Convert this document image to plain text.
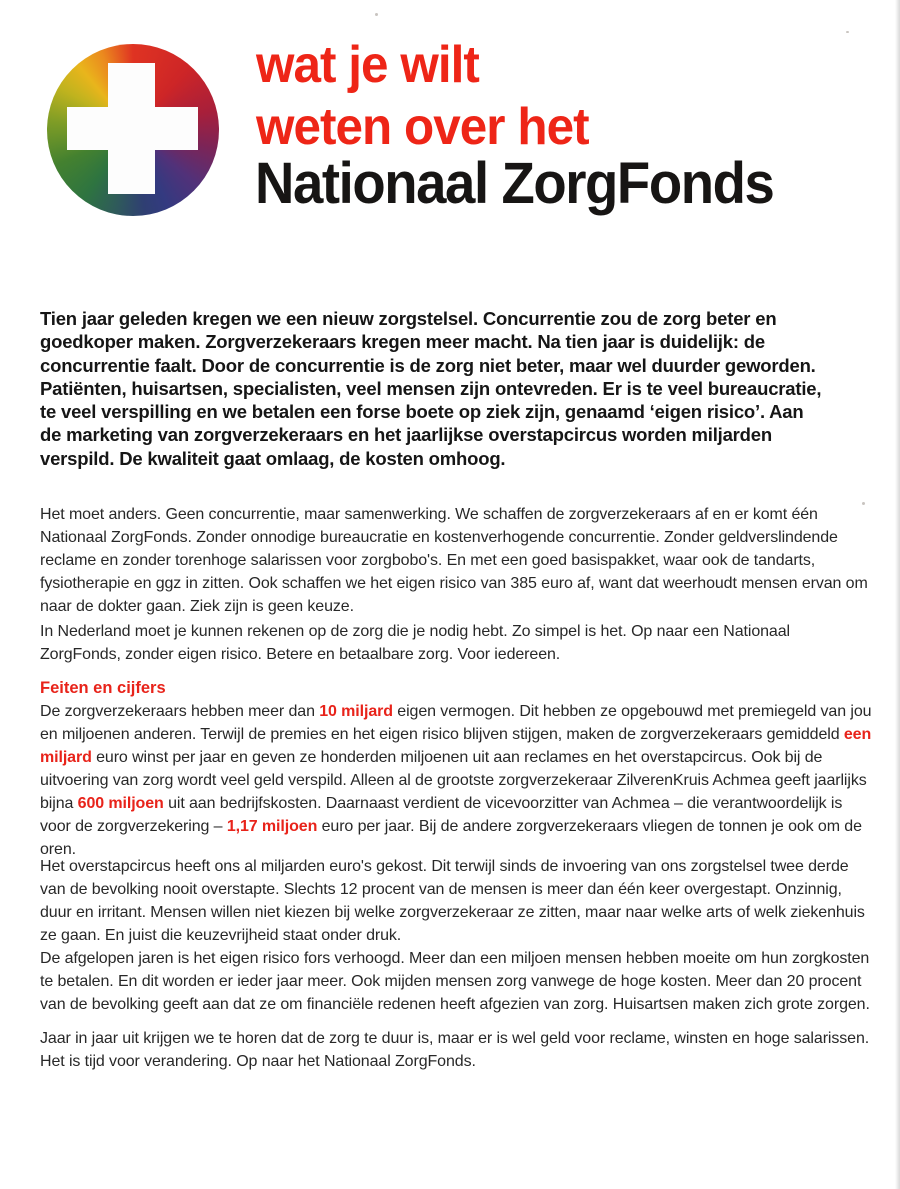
wat je wilt
weten over het
Nationaal ZorgFonds
Tien jaar geleden kregen we een nieuw zorgstelsel. Concurrentie zou de zorg beter en goedkoper maken. Zorgverzekeraars kregen meer macht. Na tien jaar is duidelijk: de concurrentie faalt. Door de concurrentie is de zorg niet beter, maar wel duurder geworden. Patiënten, huisartsen, specialisten, veel mensen zijn ontevreden. Er is te veel bureaucratie, te veel verspilling en we betalen een forse boete op ziek zijn, genaamd ‘eigen risico’. Aan de marketing van zorgverzekeraars en het jaarlijkse overstapcircus worden miljarden verspild. De kwaliteit gaat omlaag, de kosten omhoog.
Het moet anders. Geen concurrentie, maar samenwerking. We schaffen de zorgverzekeraars af en er komt één Nationaal ZorgFonds. Zonder onnodige bureaucratie en kostenverhogende concurrentie. Zonder geldverslindende reclame en zonder torenhoge salarissen voor zorgbobo's. En met een goed basispakket, waar ook de tandarts, fysiotherapie en ggz in zitten. Ook schaffen we het eigen risico van 385 euro af, want dat weerhoudt mensen ervan om naar de dokter gaan. Ziek zijn is geen keuze.
In Nederland moet je kunnen rekenen op de zorg die je nodig hebt. Zo simpel is het. Op naar een Nationaal ZorgFonds, zonder eigen risico. Betere en betaalbare zorg. Voor iedereen.
Feiten en cijfers
De zorgverzekeraars hebben meer dan 10 miljard eigen vermogen. Dit hebben ze opgebouwd met premiegeld van jou en miljoenen anderen. Terwijl de premies en het eigen risico blijven stijgen, maken de zorgverzekeraars gemiddeld een miljard euro winst per jaar en geven ze honderden miljoenen uit aan reclames en het overstapcircus. Ook bij de uitvoering van zorg wordt veel geld verspild. Alleen al de grootste zorgverzekeraar ZilverenKruis Achmea geeft jaarlijks bijna 600 miljoen uit aan bedrijfskosten. Daarnaast verdient de vicevoorzitter van Achmea – die verantwoordelijk is voor de zorgverzekering – 1,17 miljoen euro per jaar. Bij de andere zorgverzekeraars vliegen de tonnen je ook om de oren.
Het overstapcircus heeft ons al miljarden euro's gekost. Dit terwijl sinds de invoering van ons zorgstelsel twee derde van de bevolking nooit overstapte. Slechts 12 procent van de mensen is meer dan één keer overgestapt. Onzinnig, duur en irritant. Mensen willen niet kiezen bij welke zorgverzekeraar ze zitten, maar naar welke arts of welk ziekenhuis ze gaan. En juist die keuzevrijheid staat onder druk.
De afgelopen jaren is het eigen risico fors verhoogd. Meer dan een miljoen mensen hebben moeite om hun zorgkosten te betalen. En dit worden er ieder jaar meer. Ook mijden mensen zorg vanwege de hoge kosten. Meer dan 20 procent van de bevolking geeft aan dat ze om financiële redenen heeft afgezien van zorg. Huisartsen maken zich grote zorgen.
Jaar in jaar uit krijgen we te horen dat de zorg te duur is, maar er is wel geld voor reclame, winsten en hoge salarissen. Het is tijd voor verandering. Op naar het Nationaal ZorgFonds.
